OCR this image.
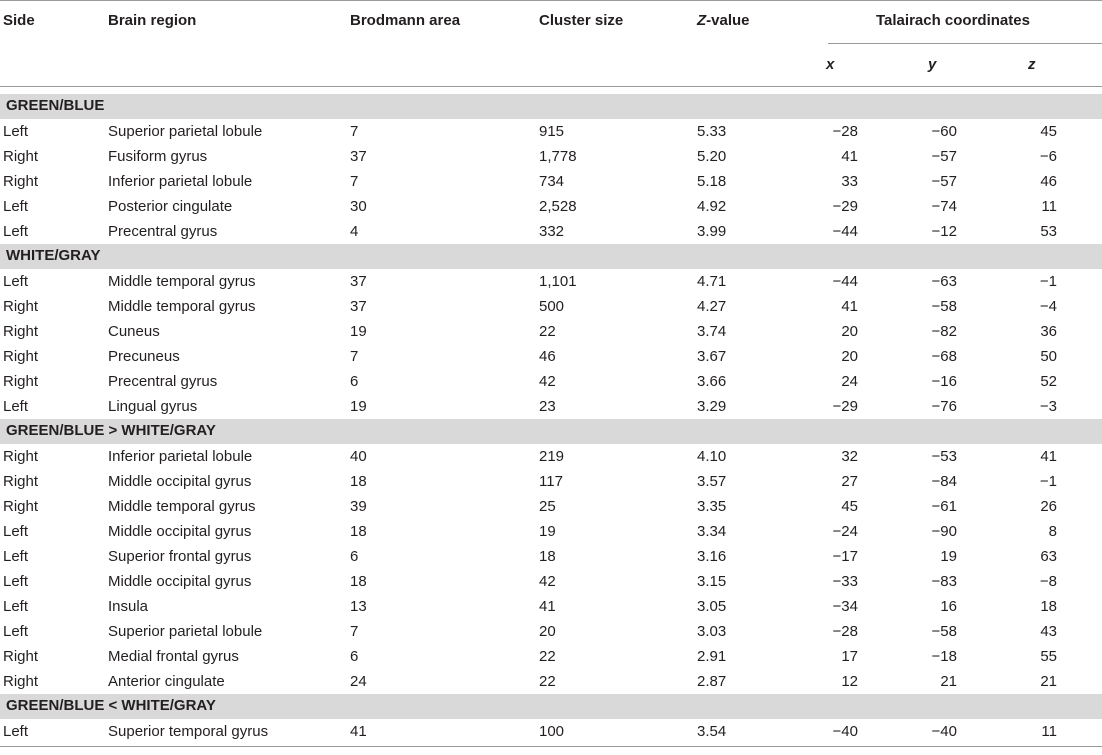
Side	Brain region	Brodmann area	Cluster size	Z-value	Talairach coordinates
x	y	z
GREEN/BLUE
Left	Superior parietal lobule	7	915	5.33	−28	−60	45
Right	Fusiform gyrus	37	1,778	5.20	41	−57	−6
Right	Inferior parietal lobule	7	734	5.18	33	−57	46
Left	Posterior cingulate	30	2,528	4.92	−29	−74	11
Left	Precentral gyrus	4	332	3.99	−44	−12	53
WHITE/GRAY
Left	Middle temporal gyrus	37	1,101	4.71	−44	−63	−1
Right	Middle temporal gyrus	37	500	4.27	41	−58	−4
Right	Cuneus	19	22	3.74	20	−82	36
Right	Precuneus	7	46	3.67	20	−68	50
Right	Precentral gyrus	6	42	3.66	24	−16	52
Left	Lingual gyrus	19	23	3.29	−29	−76	−3
GREEN/BLUE > WHITE/GRAY
Right	Inferior parietal lobule	40	219	4.10	32	−53	41
Right	Middle occipital gyrus	18	117	3.57	27	−84	−1
Right	Middle temporal gyrus	39	25	3.35	45	−61	26
Left	Middle occipital gyrus	18	19	3.34	−24	−90	8
Left	Superior frontal gyrus	6	18	3.16	−17	19	63
Left	Middle occipital gyrus	18	42	3.15	−33	−83	−8
Left	Insula	13	41	3.05	−34	16	18
Left	Superior parietal lobule	7	20	3.03	−28	−58	43
Right	Medial frontal gyrus	6	22	2.91	17	−18	55
Right	Anterior cingulate	24	22	2.87	12	21	21
GREEN/BLUE < WHITE/GRAY
Left	Superior temporal gyrus	41	100	3.54	−40	−40	11
